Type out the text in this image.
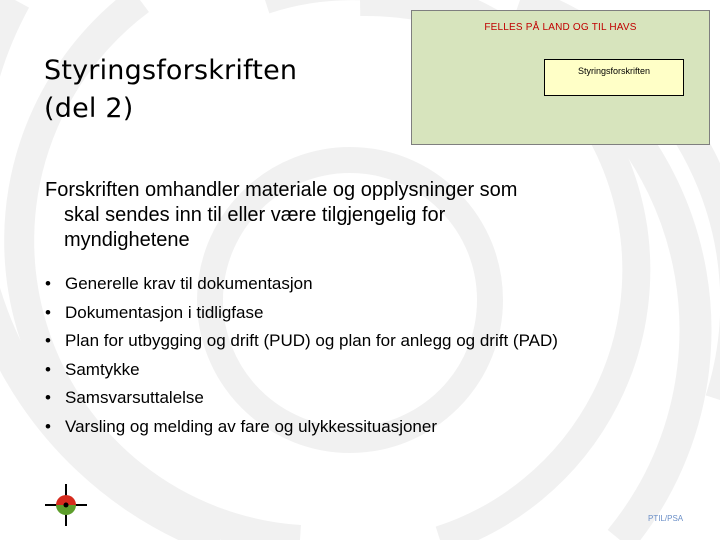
Styringsforskriften
(del 2)
FELLES PÅ LAND OG TIL HAVS
Styringsforskriften

Forskriften omhandler materiale og opplysninger som
skal sendes inn til eller være tilgjengelig for
myndighetene

• Generelle krav til dokumentasjon
• Dokumentasjon i tidligfase
• Plan for utbygging og drift (PUD) og plan for anlegg og drift (PAD)
• Samtykke
• Samsvarsuttalelse
• Varsling og melding av fare og ulykkessituasjoner
PTIL/PSA
